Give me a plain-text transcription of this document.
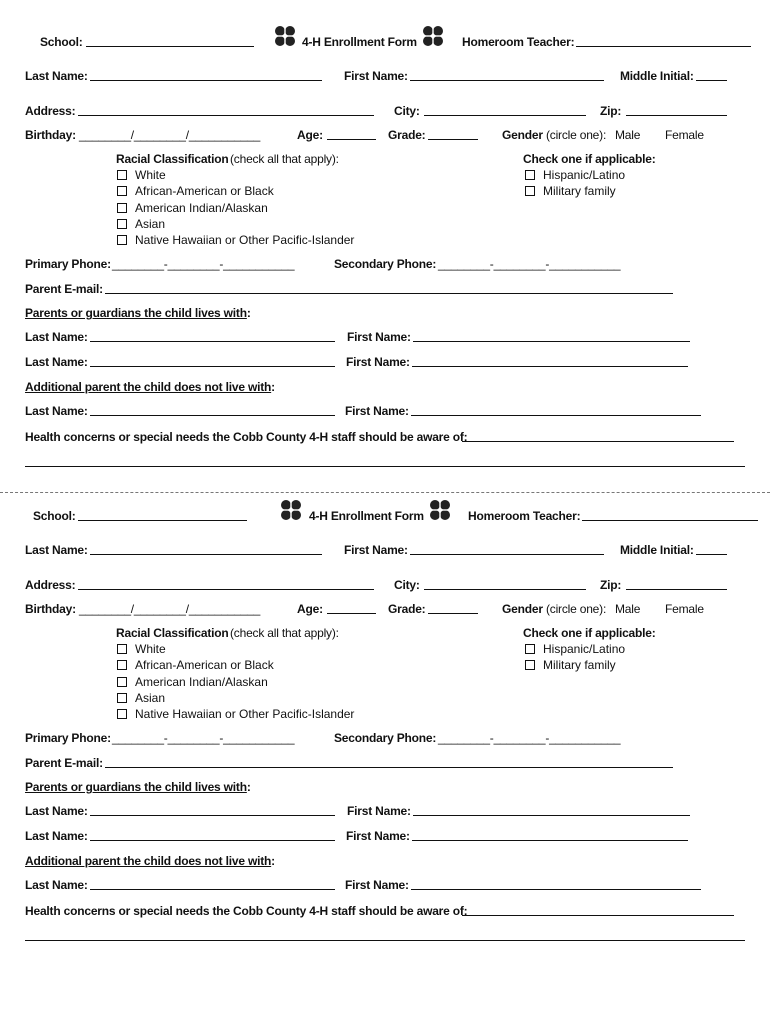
School:	4-H Enrollment Form	Homeroom Teacher:
Last Name:	First Name:	Middle Initial:
Address:	City:	Zip:
Birthday: ________/________/___________	Age:	Grade:	Gender (circle one): Male Female
Racial Classification (check all that apply):	Check one if applicable:
White
African-American or Black
American Indian/Alaskan
Asian
Native Hawaiian or Other Pacific-Islander
Hispanic/Latino
Military family
Primary Phone: ________-________-___________	Secondary Phone: ________-________-___________
Parent E-mail:
Parents or guardians the child lives with:
Last Name:	First Name:
Last Name:	First Name:
Additional parent the child does not live with:
Last Name:	First Name:
Health concerns or special needs the Cobb County 4-H staff should be aware of:
School:	4-H Enrollment Form	Homeroom Teacher:
Last Name:	First Name:	Middle Initial:
Address:	City:	Zip:
Birthday: ________/________/___________	Age:	Grade:	Gender (circle one): Male Female
Racial Classification (check all that apply):	Check one if applicable:
White
African-American or Black
American Indian/Alaskan
Asian
Native Hawaiian or Other Pacific-Islander
Hispanic/Latino
Military family
Primary Phone: ________-________-___________	Secondary Phone: ________-________-___________
Parent E-mail:
Parents or guardians the child lives with:
Last Name:	First Name:
Last Name:	First Name:
Additional parent the child does not live with:
Last Name:	First Name:
Health concerns or special needs the Cobb County 4-H staff should be aware of:
